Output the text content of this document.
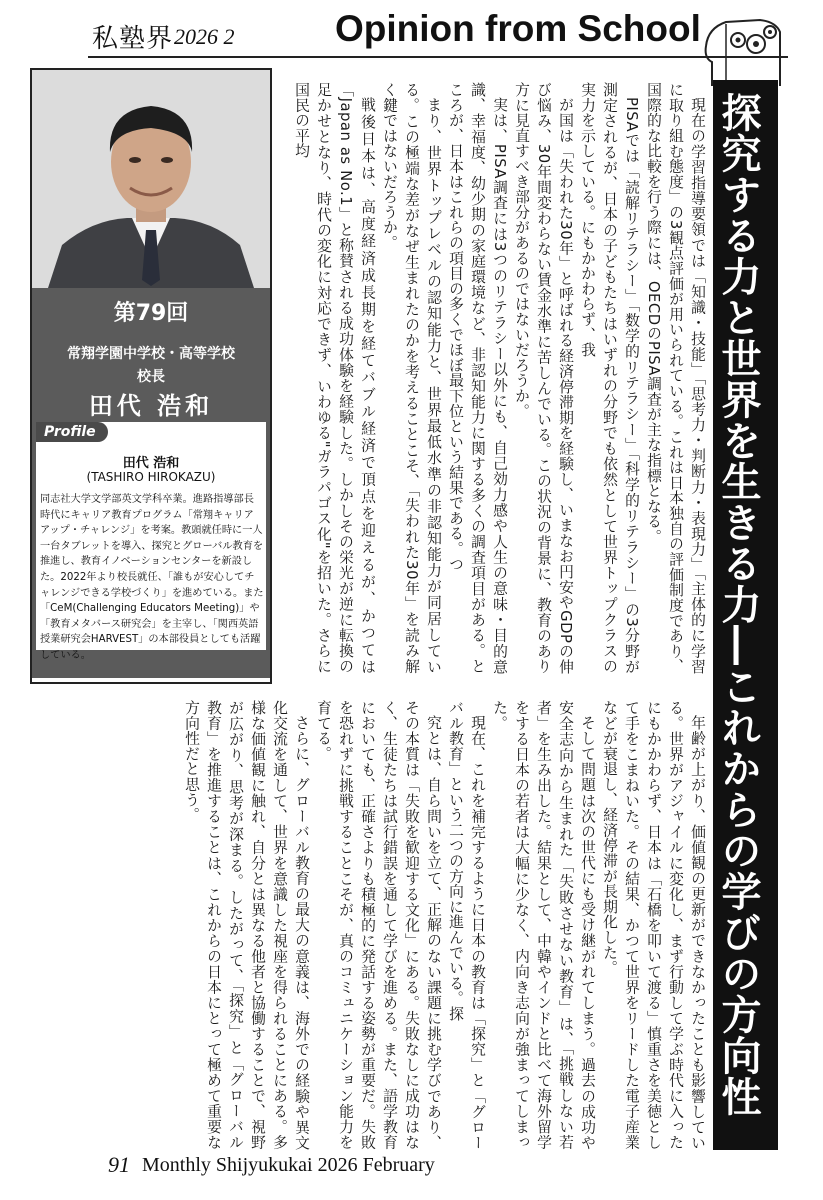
私塾界 2026 2	Opinion from School
第79回
常翔学園中学校・高等学校
校長
田代 浩和
Profile
田代 浩和
(TASHIRO HIROKAZU)
同志社大学文学部英文学科卒業。進路指導部長時代にキャリア教育プログラム「常翔キャリアアップ・チャレンジ」を考案。教頭就任時に一人一台タブレットを導入、探究とグローバル教育を推進し、教育イノベーションセンターを新設した。2022年より校長就任、「誰もが安心してチャレンジできる学校づくり」を進めている。また「CeM(Challenging Educators Meeting)」や「教育メタバース研究会」を主宰し、「関西英語授業研究会HARVEST」の本部役員としても活躍している。	探究する力と世界を生きる力―これからの学びの方向性
現在の学習指導要領では「知識・技能」「思考力・判断力・表現力」「主体的に学習に取り組む態度」の3観点評価が用いられている。これは日本独自の評価制度であり、国際的な比較を行う際には、OECDのPISA調査が主な指標となる。
PISAでは「読解リテラシー」「数学的リテラシー」「科学的リテラシー」の3分野が測定されるが、日本の子どもたちはいずれの分野でも依然として世界トップクラスの実力を示している。にもかかわらず、我
が国は「失われた30年」と呼ばれる経済停滞期を経験し、いまなお円安やGDPの伸び悩み、30年間変わらない賃金水準に苦しんでいる。この状況の背景に、教育のあり方に見直すべき部分があるのではないだろうか。
実は、PISA調査には3つのリテラシー以外にも、自己効力感や人生の意味・目的意識、幸福度、幼少期の家庭環境など、非認知能力に関する多くの調査項目がある。ところが、日本はこれらの項目の多くでほぼ最下位という結果である。つ
まり、世界トップレベルの認知能力と、世界最低水準の非認知能力が同居している。この極端な差がなぜ生まれたのかを考えることこそ、「失われた30年」を読み解く鍵ではないだろうか。
戦後日本は、高度経済成長期を経てバブル経済で頂点を迎えるが、かつては「Japan as No.1」と称賛される成功体験を経験した。しかしその栄光が逆に転換の足かせとなり、時代の変化に対応できず、いわゆる"ガラパゴス化"を招いた。さらに国民の平均
年齢が上がり、価値観の更新ができなかったことも影響している。世界がアジャイルに変化し、まず行動して学ぶ時代に入ったにもかかわらず、日本は「石橋を叩いて渡る」慎重さを美徳として手をこまねいた。その結果、かつて世界をリードした電子産業などが衰退し、経済停滞が長期化した。
そして問題は次の世代にも受け継がれてしまう。過去の成功や安全志向から生まれた「失敗させない教育」は、「挑戦しない若者」を生み出した。結果として、中韓やインドと比べて海外留学をする日本の若者は大幅に少なく、内向き志向が強まってしまった。
現在、これを補完するように日本の教育は「探究」と「グローバル教育」という二つの方向に進んでいる。探
究とは、自ら問いを立て、正解のない課題に挑む学びであり、その本質は「失敗を歓迎する文化」にある。失敗なしに成功はなく、生徒たちは試行錯誤を通して学びを進める。また、語学教育においても、正確さよりも積極的に発話する姿勢が重要だ。失敗を恐れずに挑戦することこそが、真のコミュニケーション能力を育てる。
さらに、グローバル教育の最大の意義は、海外での経験や異文化交流を通して、世界を意識した視座を得られることにある。多様な価値観に触れ、自分とは異なる他者と協働することで、視野が広がり、思考が深まる。したがって、「探究」と「グローバル教育」を推進することは、これからの日本にとって極めて重要な方向性だと思う。
91 Monthly Shijyukukai 2026 February
